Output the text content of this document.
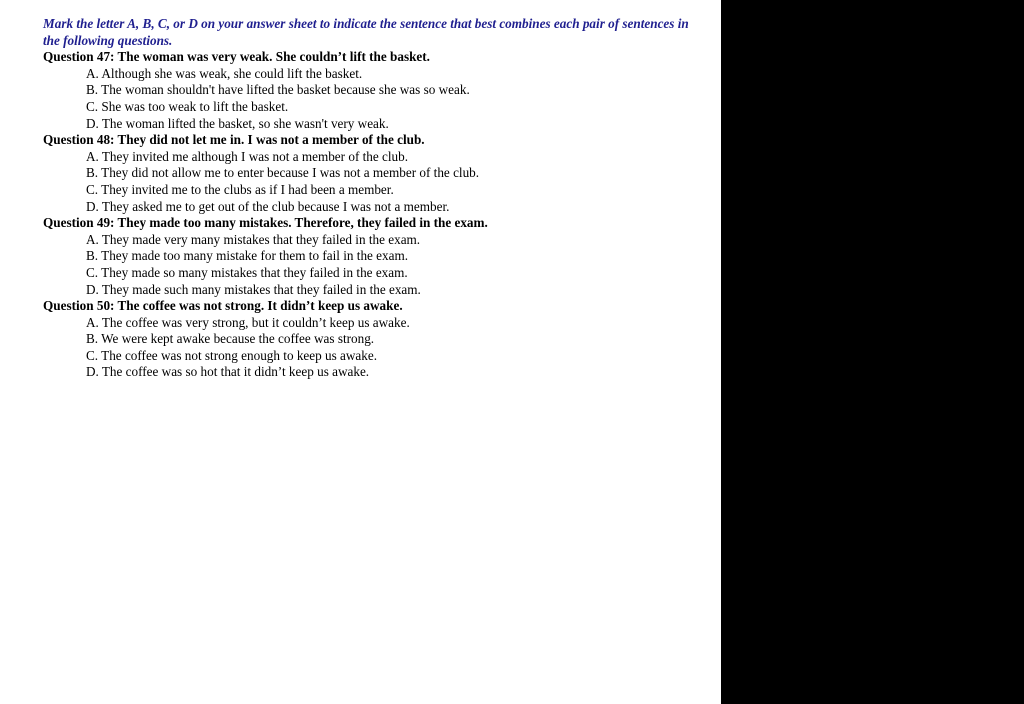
Mark the letter A, B, C, or D on your answer sheet to indicate the sentence that best combines each pair of sentences in the following questions.

Question 47: The woman was very weak. She couldn’t lift the basket.

A. Although she was weak, she could lift the basket.

B. The woman shouldn't have lifted the basket because she was so weak.

C. She was too weak to lift the basket.

D. The woman lifted the basket, so she wasn't very weak.

Question 48: They did not let me in. I was not a member of the club.

A. They invited me although I was not a member of the club.

B. They did not allow me to enter because I was not a member of the club.

C. They invited me to the clubs as if I had been a member.

D. They asked me to get out of the club because I was not a member.

Question 49: They made too many mistakes. Therefore, they failed in the exam.

A. They made very many mistakes that they failed in the exam.

B. They made too many mistake for them to fail in the exam.

C. They made so many mistakes that they failed in the exam.

D. They made such many mistakes that they failed in the exam.

Question 50: The coffee was not strong. It didn’t keep us awake.

A. The coffee was very strong, but it couldn’t keep us awake.

B. We were kept awake because the coffee was strong.

C. The coffee was not strong enough to keep us awake.

D. The coffee was so hot that it didn’t keep us awake.
